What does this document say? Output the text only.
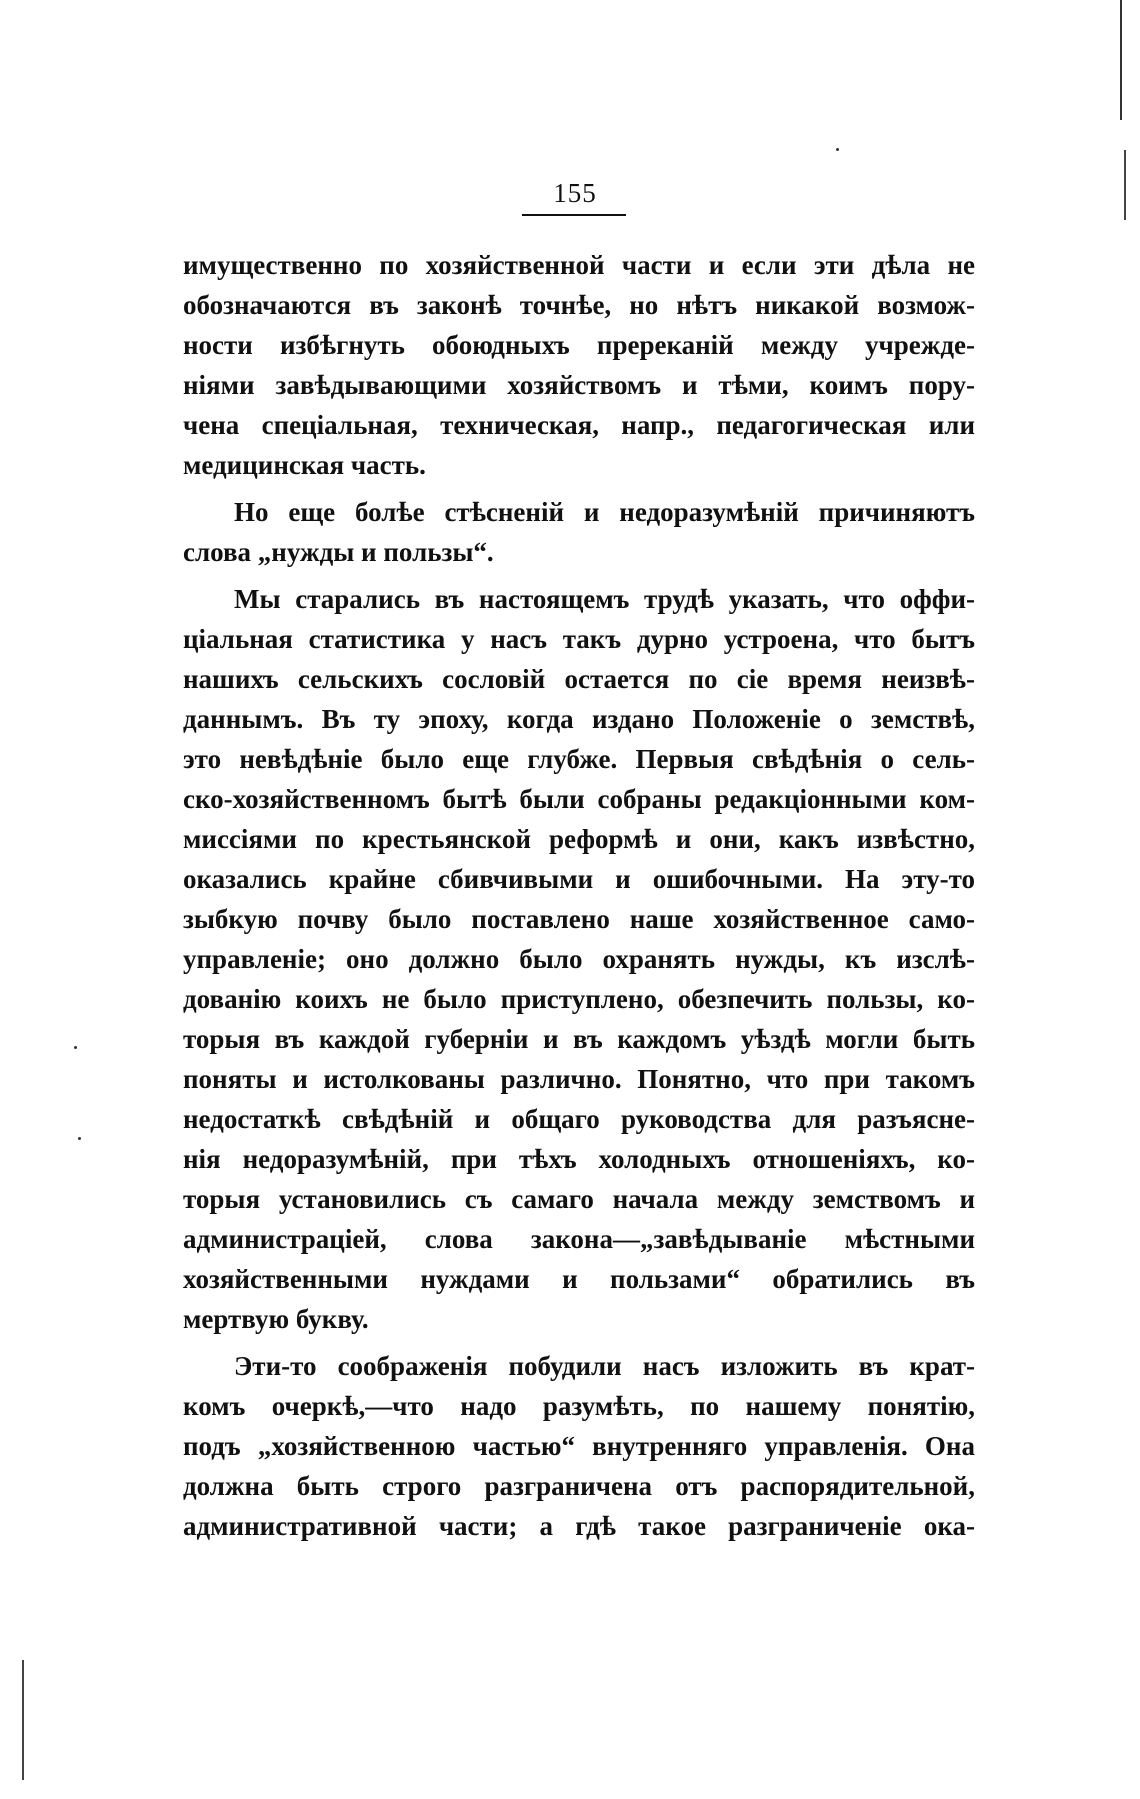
155
имущественно по хозяйственной части и если эти дѣла не
обозначаются въ законѣ точнѣе, но нѣтъ никакой возмож-
ности избѣгнуть обоюдныхъ пререканій между учрежде-
ніями завѣдывающими хозяйствомъ и тѣми, коимъ пору-
чена спеціальная, техническая, напр., педагогическая или
медицинская часть.
Но еще болѣе стѣсненій и недоразумѣній причиняютъ
слова „нужды и пользы“.
Мы старались въ настоящемъ трудѣ указать, что оффи-
ціальная статистика у насъ такъ дурно устроена, что бытъ
нашихъ сельскихъ сословій остается по сіе время неизвѣ-
даннымъ. Въ ту эпоху, когда издано Положеніе о земствѣ,
это невѣдѣніе было еще глубже. Первыя свѣдѣнія о сель-
ско-хозяйственномъ бытѣ были собраны редакціонными ком-
миссіями по крестьянской реформѣ и они, какъ извѣстно,
оказались крайне сбивчивыми и ошибочными. На эту-то
зыбкую почву было поставлено наше хозяйственное само-
управленіе; оно должно было охранять нужды, къ изслѣ-
дованію коихъ не было приступлено, обезпечить пользы, ко-
торыя въ каждой губерніи и въ каждомъ уѣздѣ могли быть
поняты и истолкованы различно. Понятно, что при такомъ
недостаткѣ свѣдѣній и общаго руководства для разъясне-
нія недоразумѣній, при тѣхъ холодныхъ отношеніяхъ, ко-
торыя установились съ самаго начала между земствомъ и
администраціей, слова закона—„завѣдываніе мѣстными
хозяйственными нуждами и пользами“ обратились въ
мертвую букву.
Эти-то соображенія побудили насъ изложить въ крат-
комъ очеркѣ,—что надо разумѣть, по нашему понятію,
подъ „хозяйственною частью“ внутренняго управленія. Она
должна быть строго разграничена отъ распорядительной,
административной части; а гдѣ такое разграниченіе ока-
